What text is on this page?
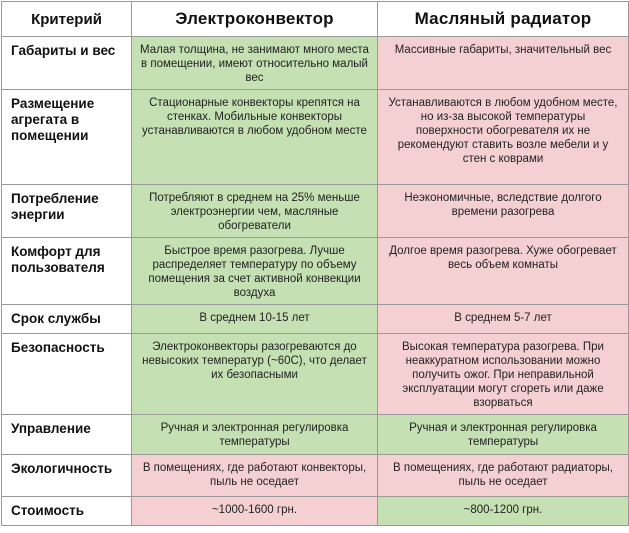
Критерий	Электроконвектор	Масляный радиатор
Габариты и вес	Малая толщина, не занимают много места в помещении, имеют относительно малый вес	Массивные габариты, значительный вес
Размещение агрегата в помещении	Стационарные конвекторы крепятся на стенках. Мобильные конвекторы устанавливаются в любом удобном месте	Устанавливаются в любом удобном месте, но из-за высокой температуры поверхности обогревателя их не рекомендуют ставить возле мебели и у стен с коврами
Потребление энергии	Потребляют в среднем на 25% меньше электроэнергии чем, масляные обогреватели	Неэкономичные, вследствие долгого времени разогрева
Комфорт для пользователя	Быстрое время разогрева. Лучше распределяет температуру по объему помещения за счет активной конвекции воздуха	Долгое время разогрева. Хуже обогревает весь объем комнаты
Срок службы	В среднем 10-15 лет	В среднем 5-7 лет
Безопасность	Электроконвекторы разогреваются до невысоких температур (~60С), что делает их безопасными	Высокая температура разогрева. При неаккуратном использовании можно получить ожог. При неправильной эксплуатации могут сгореть или даже взорваться
Управление	Ручная и электронная регулировка температуры	Ручная и электронная регулировка температуры
Экологичность	В помещениях, где работают конвекторы, пыль не оседает	В помещениях, где работают радиаторы, пыль не оседает
Стоимость	~1000-1600 грн.	~800-1200 грн.
